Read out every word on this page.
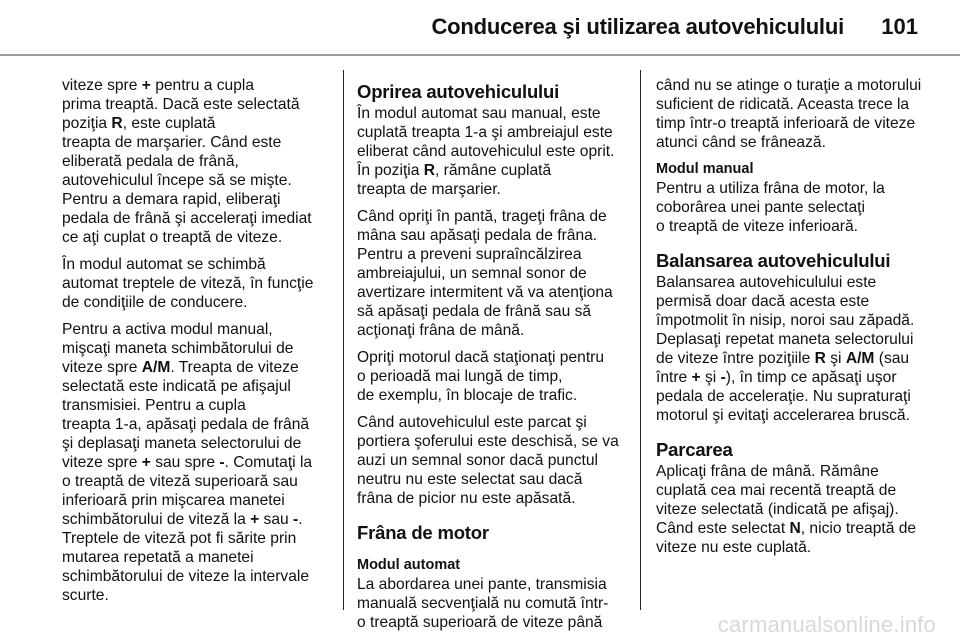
Conducerea şi utilizarea autovehiculului 101

viteze spre + pentru a cupla
prima treaptă. Dacă este selectată
poziţia R, este cuplată
treapta de marşarier. Când este
eliberată pedala de frână,
autovehiculul începe să se mişte.
Pentru a demara rapid, eliberaţi
pedala de frână şi acceleraţi imediat
ce aţi cuplat o treaptă de viteze.

În modul automat se schimbă
automat treptele de viteză, în funcţie
de condiţiile de conducere.

Pentru a activa modul manual,
mişcaţi maneta schimbătorului de
viteze spre A/M. Treapta de viteze
selectată este indicată pe afişajul
transmisiei. Pentru a cupla
treapta 1-a, apăsaţi pedala de frână
şi deplasaţi maneta selectorului de
viteze spre + sau spre -. Comutaţi la
o treaptă de viteză superioară sau
inferioară prin mişcarea manetei
schimbătorului de viteză la + sau -.
Treptele de viteză pot fi sărite prin
mutarea repetată a manetei
schimbătorului de viteze la intervale
scurte.

Oprirea autovehiculului

În modul automat sau manual, este
cuplată treapta 1-a şi ambreiajul este
eliberat când autovehiculul este oprit.
În poziţia R, rămâne cuplată
treapta de marşarier.

Când opriţi în pantă, trageţi frâna de
mâna sau apăsaţi pedala de frâna.
Pentru a preveni supraîncălzirea
ambreiajului, un semnal sonor de
avertizare intermitent vă va atenţiona
să apăsaţi pedala de frână sau să
acţionaţi frâna de mână.

Opriţi motorul dacă staţionaţi pentru
o perioadă mai lungă de timp,
de exemplu, în blocaje de trafic.

Când autovehiculul este parcat şi
portiera şoferului este deschisă, se va
auzi un semnal sonor dacă punctul
neutru nu este selectat sau dacă
frâna de picior nu este apăsată.

Frâna de motor
Modul automat

La abordarea unei pante, transmisia
manuală secvenţială nu comută într-
o treaptă superioară de viteze până

când nu se atinge o turaţie a motorului
suficient de ridicată. Aceasta trece la
timp într-o treaptă inferioară de viteze
atunci când se frânează.

Modul manual

Pentru a utiliza frâna de motor, la
coborârea unei pante selectaţi
o treaptă de viteze inferioară.

Balansarea autovehiculului

Balansarea autovehiculului este
permisă doar dacă acesta este
împotmolit în nisip, noroi sau zăpadă.
Deplasaţi repetat maneta selectorului
de viteze între poziţiile R şi A/M (sau
între + şi -), în timp ce apăsaţi uşor
pedala de acceleraţie. Nu supraturaţi
motorul şi evitaţi accelerarea bruscă.

Parcarea

Aplicaţi frâna de mână. Rămâne
cuplată cea mai recentă treaptă de
viteze selectată (indicată pe afişaj).
Când este selectat N, nicio treaptă de
viteze nu este cuplată.

carmanualsonline.info
